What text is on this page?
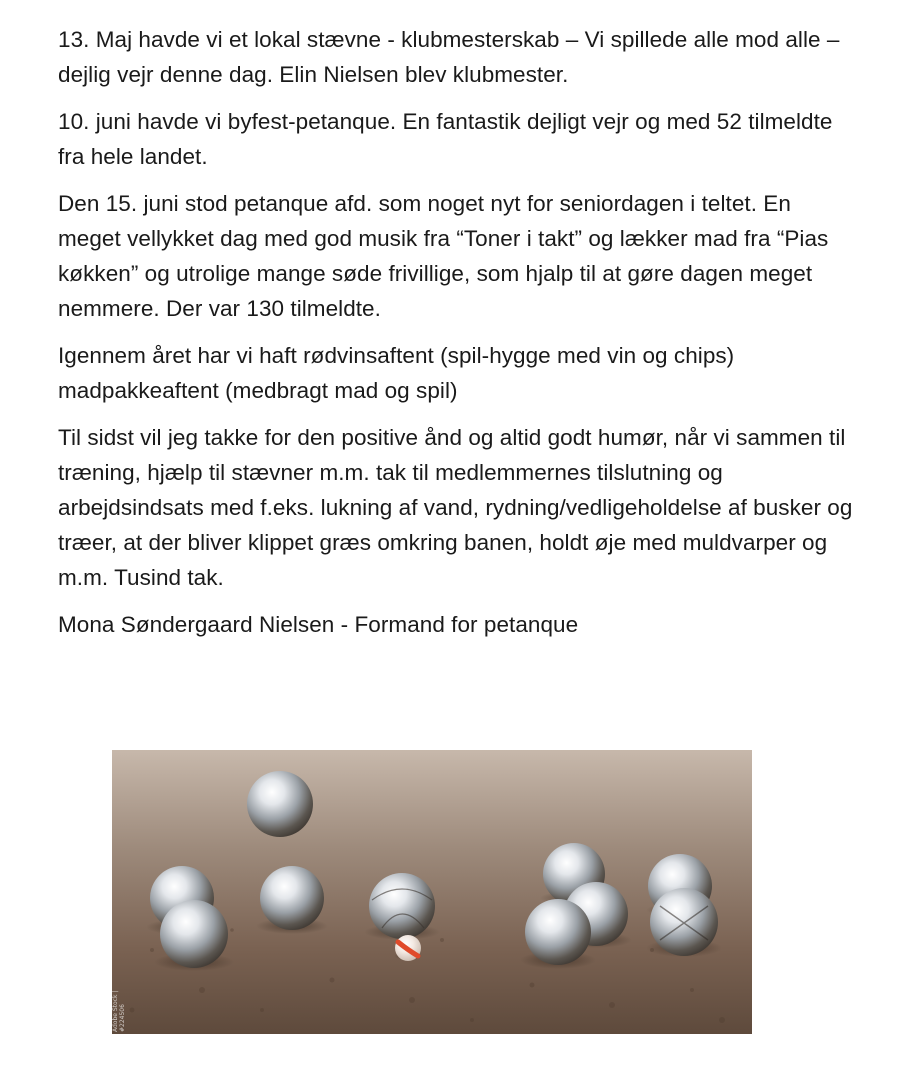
13. Maj havde vi et lokal stævne - klubmesterskab – Vi spillede alle mod alle – dejlig vejr denne dag. Elin Nielsen blev klubmester.

10. juni havde vi byfest-petanque. En fantastik dejligt vejr og med 52 tilmeldte fra hele landet.

Den 15. juni stod petanque afd. som noget nyt for seniordagen i teltet. En meget vellykket dag med god musik fra “Toner i takt” og lækker mad fra “Pias køkken” og utrolige mange søde frivillige, som hjalp til at gøre dagen meget nemmere. Der var 130 tilmeldte.

Igennem året har vi haft rødvinsaftent (spil-hygge med vin og chips) madpakkeaftent (medbragt mad og spil)

Til sidst vil jeg takke for den positive ånd og altid godt humør, når vi sammen til træning, hjælp til stævner m.m. tak til medlemmernes tilslutning og arbejdsindsats med f.eks. lukning af vand, rydning/vedligeholdelse af busker og træer, at der bliver klippet græs omkring banen, holdt øje med muldvarper og m.m. Tusind tak.

Mona Søndergaard Nielsen - Formand for petanque

Adobe Stock | #224506
